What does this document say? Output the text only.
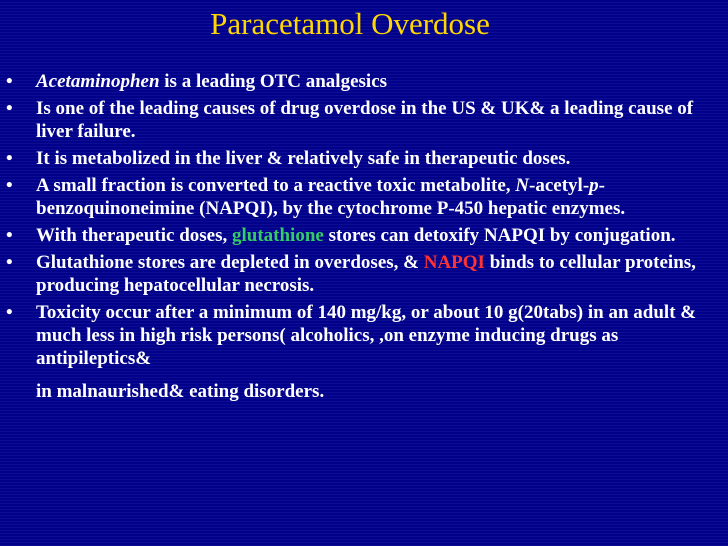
Paracetamol Overdose
• Acetaminophen is a leading OTC analgesics
• Is one of the leading causes of drug overdose in the US & UK& a leading cause of liver failure.
• It is metabolized in the liver & relatively safe in therapeutic doses.
• A small fraction is converted to a reactive toxic metabolite, N-acetyl-p-benzoquinoneimine (NAPQI), by the cytochrome P-450 hepatic enzymes.
• With therapeutic doses, glutathione stores can detoxify NAPQI by conjugation.
• Glutathione stores are depleted in overdoses, & NAPQI binds to cellular proteins, producing hepatocellular necrosis.
• Toxicity occur after a minimum of 140 mg/kg, or about 10 g(20tabs) in an adult & much less in high risk persons( alcoholics, ,on enzyme inducing drugs as antipileptics&
in malnaurished& eating disorders.
